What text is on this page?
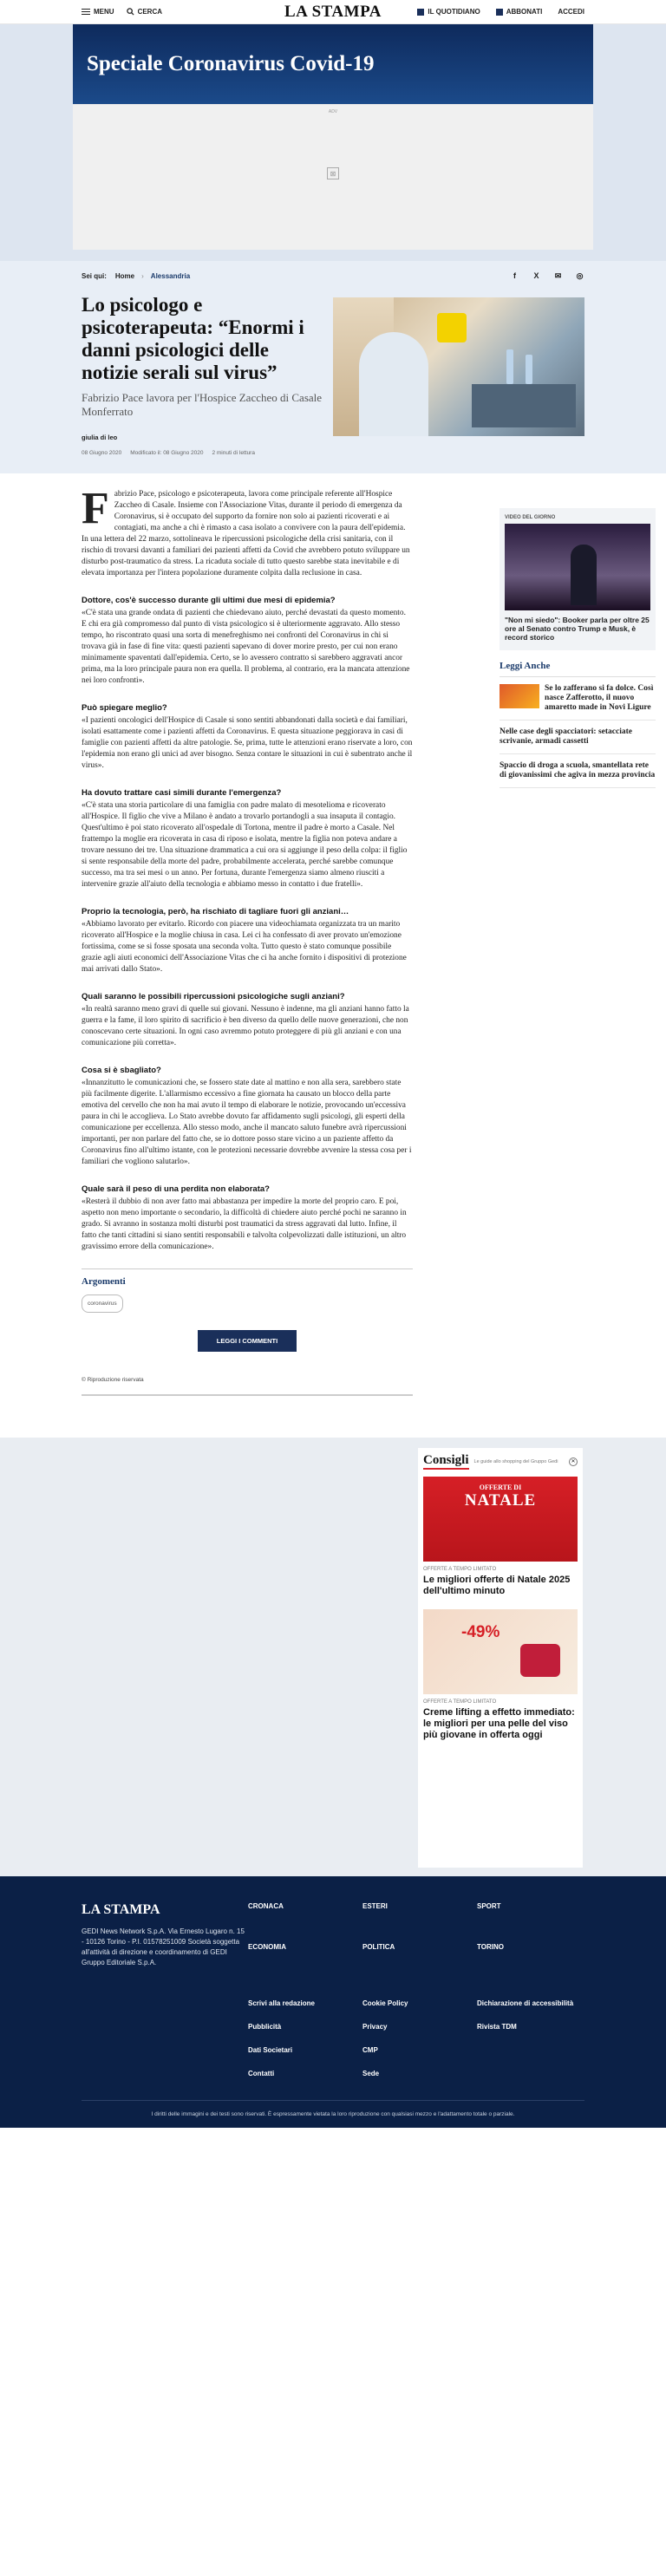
MENU	CERCA	LA STAMPA	IL QUOTIDIANO	ABBONATI ACCEDI
Speciale Coronavirus Covid-19
ADV
⊠
Sei qui: Home › Alessandria	f	X ✉ ◎
Lo psicologo e psicoterapeuta: “Enormi i danni psicologici delle notizie serali sul virus”
Fabrizio Pace lavora per l'Hospice Zaccheo di Casale Monferrato
giulia di leo
08 Giugno 2020 Modificato il: 08 Giugno 2020 2 minuti di lettura

Fabrizio Pace, psicologo e psicoterapeuta, lavora come principale referente all'Hospice Zaccheo di Casale. Insieme con l'Associazione Vitas, durante il periodo di emergenza da Coronavirus, si è occupato del supporto da fornire non solo ai pazienti ricoverati e ai contagiati, ma anche a chi è rimasto a casa isolato a convivere con la paura dell'epidemia. In una lettera del 22 marzo, sottolineava le ripercussioni psicologiche della crisi sanitaria, con il rischio di trovarsi davanti a familiari dei pazienti affetti da Covid che avrebbero potuto sviluppare un disturbo post-traumatico da stress. La ricaduta sociale di tutto questo sarebbe stata inevitabile e di elevata importanza per l'intera popolazione duramente colpita dalla reclusione in casa.

Dottore, cos'è successo durante gli ultimi due mesi di epidemia?

«C'è stata una grande ondata di pazienti che chiedevano aiuto, perché devastati da questo momento. E chi era già compromesso dal punto di vista psicologico si è ulteriormente aggravato. Allo stesso tempo, ho riscontrato quasi una sorta di menefreghismo nei confronti del Coronavirus in chi si trovava già in fase di fine vita: questi pazienti sapevano di dover morire presto, per cui non erano minimamente spaventati dall'epidemia. Certo, se lo avessero contratto si sarebbero aggravati ancor prima, ma la loro principale paura non era quella. Il problema, al contrario, era la mancata attenzione nei loro confronti».

Può spiegare meglio?

«I pazienti oncologici dell'Hospice di Casale si sono sentiti abbandonati dalla società e dai familiari, isolati esattamente come i pazienti affetti da Coronavirus. E questa situazione peggiorava in casi di famiglie con pazienti affetti da altre patologie. Se, prima, tutte le attenzioni erano riservate a loro, con l'epidemia non erano gli unici ad aver bisogno. Senza contare le situazioni in cui è subentrato anche il virus».

Ha dovuto trattare casi simili durante l'emergenza?

«C'è stata una storia particolare di una famiglia con padre malato di mesotelioma e ricoverato all'Hospice. Il figlio che vive a Milano è andato a trovarlo portandogli a sua insaputa il contagio. Quest'ultimo è poi stato ricoverato all'ospedale di Tortona, mentre il padre è morto a Casale. Nel frattempo la moglie era ricoverata in casa di riposo e isolata, mentre la figlia non poteva andare a trovare nessuno dei tre. Una situazione drammatica a cui ora si aggiunge il peso della colpa: il figlio si sente responsabile della morte del padre, probabilmente accelerata, perché sarebbe comunque successo, ma tra sei mesi o un anno. Per fortuna, durante l'emergenza siamo almeno riusciti a intervenire grazie all'aiuto della tecnologia e abbiamo messo in contatto i due fratelli».

Proprio la tecnologia, però, ha rischiato di tagliare fuori gli anziani…

«Abbiamo lavorato per evitarlo. Ricordo con piacere una videochiamata organizzata tra un marito ricoverato all'Hospice e la moglie chiusa in casa. Lei ci ha confessato di aver provato un'emozione fortissima, come se si fosse sposata una seconda volta. Tutto questo è stato comunque possibile grazie agli aiuti economici dell'Associazione Vitas che ci ha anche fornito i dispositivi di protezione mai arrivati dallo Stato».

Quali saranno le possibili ripercussioni psicologiche sugli anziani?

«In realtà saranno meno gravi di quelle sui giovani. Nessuno è indenne, ma gli anziani hanno fatto la guerra e la fame, il loro spirito di sacrificio è ben diverso da quello delle nuove generazioni, che non conoscevano certe situazioni. In ogni caso avremmo potuto proteggere di più gli anziani e con una comunicazione più corretta».

Cosa si è sbagliato?

«Innanzitutto le comunicazioni che, se fossero state date al mattino e non alla sera, sarebbero state più facilmente digerite. L'allarmismo eccessivo a fine giornata ha causato un blocco della parte emotiva del cervello che non ha mai avuto il tempo di elaborare le notizie, provocando un'eccessiva paura in chi le accoglieva. Lo Stato avrebbe dovuto far affidamento sugli psicologi, gli esperti della comunicazione per eccellenza. Allo stesso modo, anche il mancato saluto funebre avrà ripercussioni importanti, per non parlare del fatto che, se io dottore posso stare vicino a un paziente affetto da Coronavirus fino all'ultimo istante, con le protezioni necessarie dovrebbe avvenire la stessa cosa per i familiari che vogliono salutarlo».

Quale sarà il peso di una perdita non elaborata?

«Resterà il dubbio di non aver fatto mai abbastanza per impedire la morte del proprio caro. E poi, aspetto non meno importante o secondario, la difficoltà di chiedere aiuto perché pochi ne saranno in grado. Si avranno in sostanza molti disturbi post traumatici da stress aggravati dal lutto. Infine, il fatto che tanti cittadini si siano sentiti responsabili e talvolta colpevolizzati dalle istituzioni, un altro gravissimo errore della comunicazione».

Argomenti
coronavirus
LEGGI I COMMENTI
© Riproduzione riservata
VIDEO DEL GIORNO
"Non mi siedo": Booker parla per oltre 25 ore al Senato contro Trump e Musk, è record storico
Leggi Anche
Se lo zafferano si fa dolce. Così nasce Zafferotto, il nuovo amaretto made in Novi Ligure
Nelle case degli spacciatori: setacciate scrivanie, armadi cassetti
Spaccio di droga a scuola, smantellata rete di giovanissimi che agiva in mezza provincia
Consigli Le guide allo shopping del Gruppo Gedi	✕
OFFERTE DI
NATALE
OFFERTE A TEMPO LIMITATO
Le migliori offerte di Natale 2025 dell'ultimo minuto
-49%
OFFERTE A TEMPO LIMITATO
Creme lifting a effetto immediato: le migliori per una pelle del viso più giovane in offerta oggi
LA STAMPA
GEDI News Network S.p.A. Via Ernesto Lugaro n. 15 - 10126 Torino - P.I. 01578251009 Società soggetta all'attività di direzione e coordinamento di GEDI Gruppo Editoriale S.p.A.
CRONACA	ESTERI	SPORT
ECONOMIA	POLITICA	TORINO
Scrivi alla redazione	Cookie Policy	Dichiarazione di accessibilità
Pubblicità	Privacy	Rivista TDM
Dati Societari	CMP
Contatti	Sede
I diritti delle immagini e dei testi sono riservati. È espressamente vietata la loro riproduzione con qualsiasi mezzo e l'adattamento totale o parziale.
